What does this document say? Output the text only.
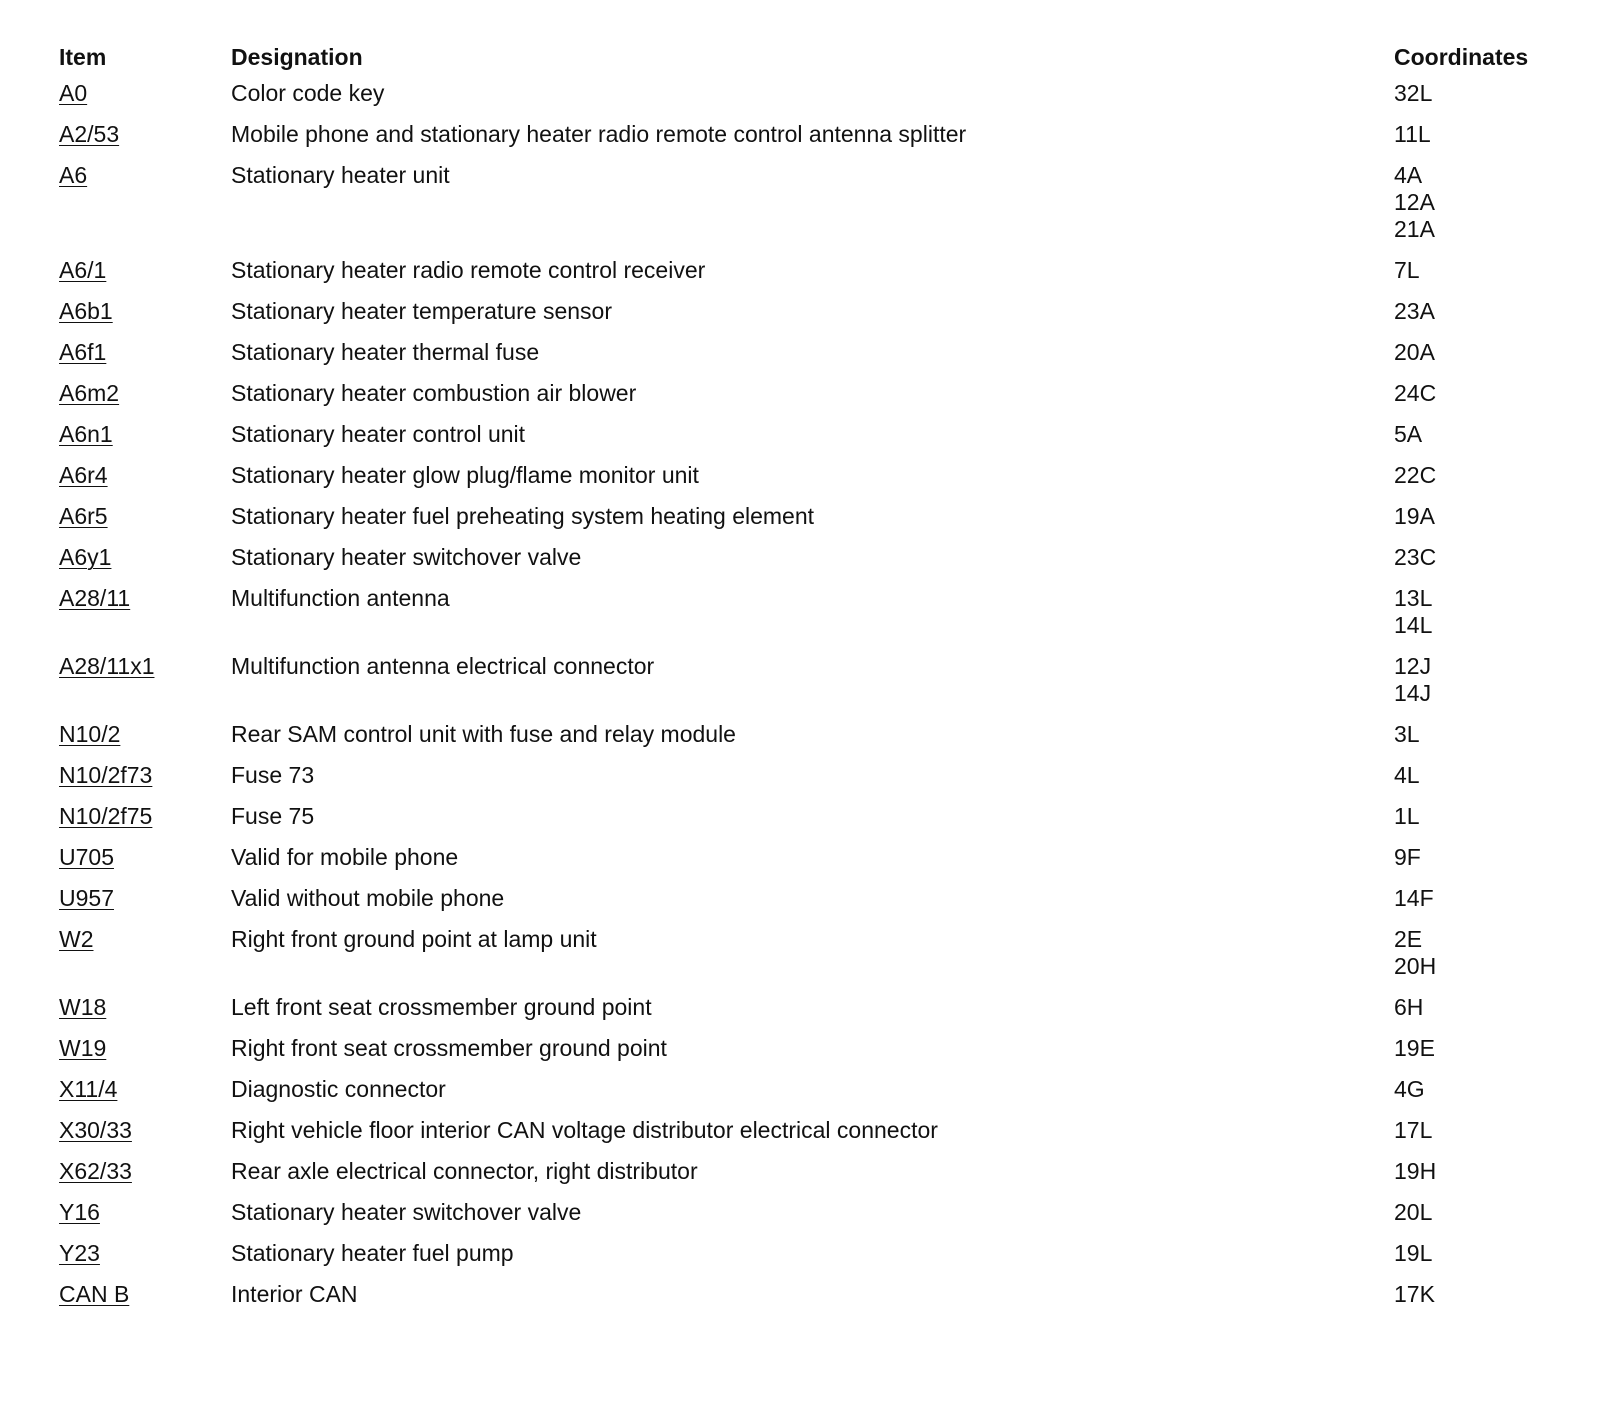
Item	Designation	Coordinates
A0	Color code key	32L

A2/53	Mobile phone and stationary heater radio remote control antenna splitter	11L

A6	Stationary heater unit	4A
12A
21A

A6/1	Stationary heater radio remote control receiver	7L

A6b1	Stationary heater temperature sensor	23A

A6f1	Stationary heater thermal fuse	20A

A6m2	Stationary heater combustion air blower	24C

A6n1	Stationary heater control unit	5A

A6r4	Stationary heater glow plug/flame monitor unit	22C

A6r5	Stationary heater fuel preheating system heating element	19A

A6y1	Stationary heater switchover valve	23C

A28/11	Multifunction antenna	13L
14L

A28/11x1	Multifunction antenna electrical connector	12J
14J

N10/2	Rear SAM control unit with fuse and relay module	3L

N10/2f73	Fuse 73	4L

N10/2f75	Fuse 75	1L

U705	Valid for mobile phone	9F

U957	Valid without mobile phone	14F

W2	Right front ground point at lamp unit	2E
20H

W18	Left front seat crossmember ground point	6H

W19	Right front seat crossmember ground point	19E

X11/4	Diagnostic connector	4G

X30/33	Right vehicle floor interior CAN voltage distributor electrical connector	17L

X62/33	Rear axle electrical connector, right distributor	19H

Y16	Stationary heater switchover valve	20L

Y23	Stationary heater fuel pump	19L

CAN B	Interior CAN	17K
